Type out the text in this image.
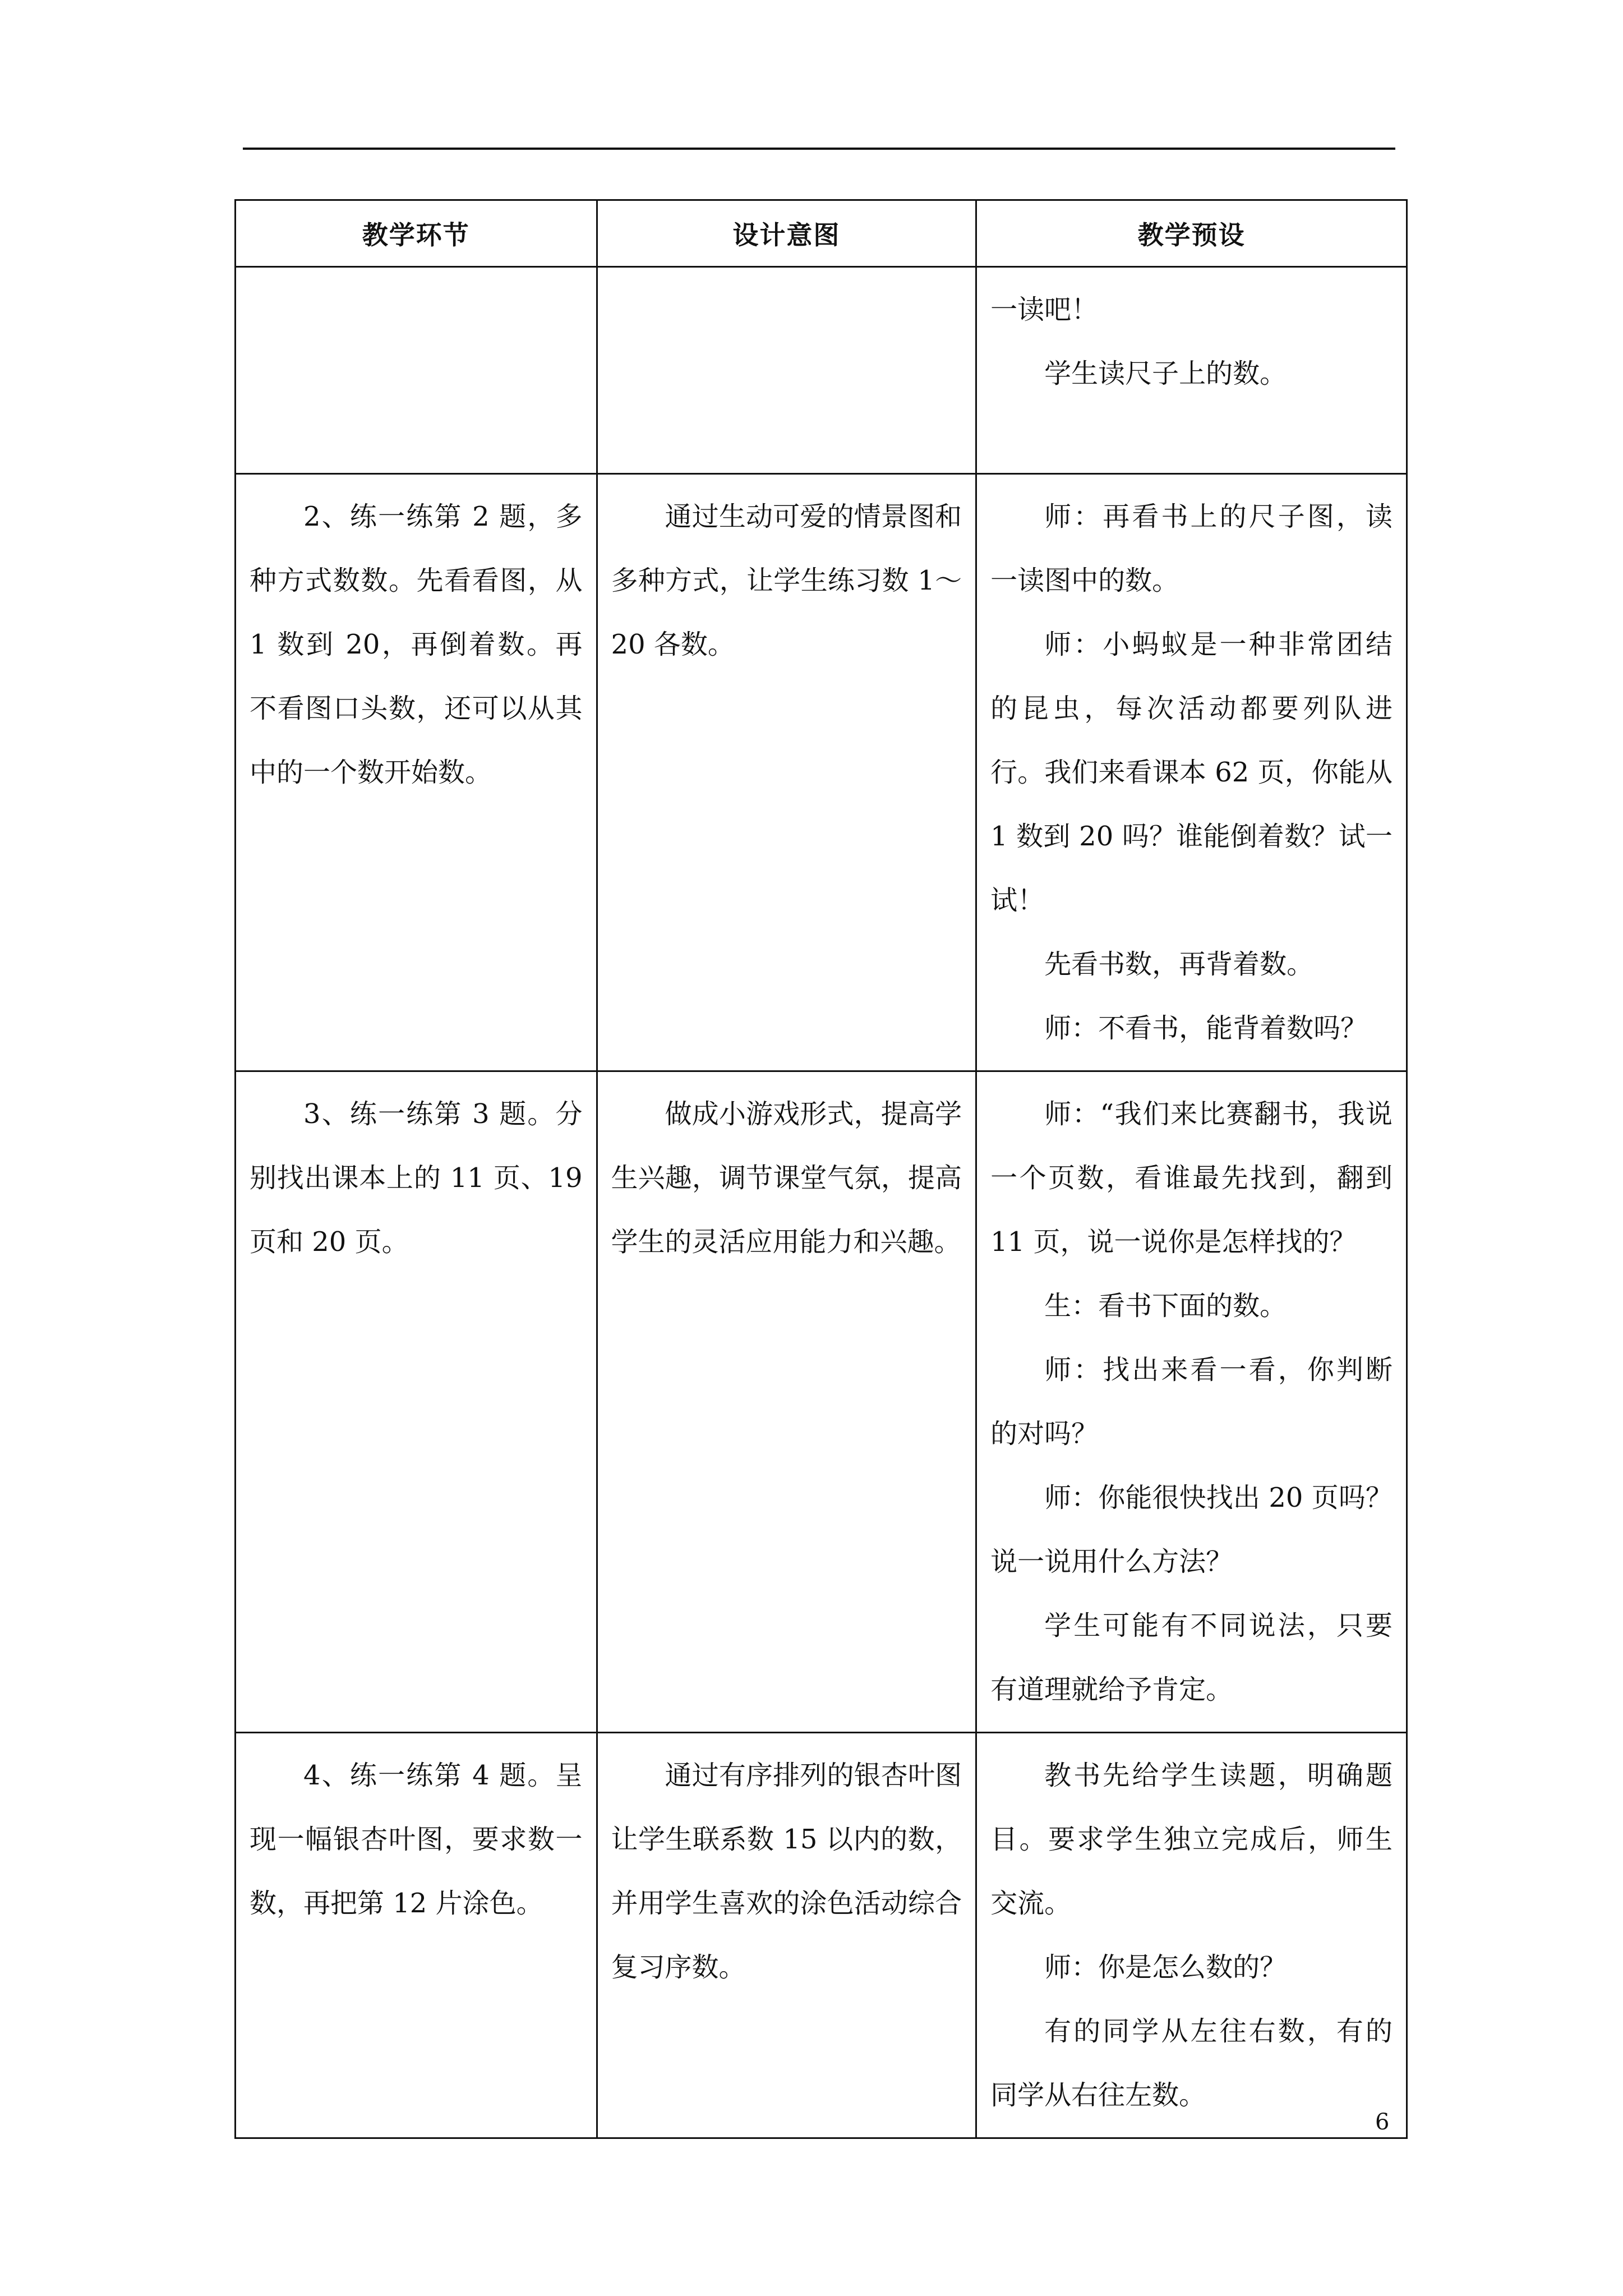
教学环节	设计意图	教学预设

		一读吧！

学生读尺子上的数。

2、练一练第 2 题，多种方式数数。先看看图，从 1 数到 20，再倒着数。再不看图口头数，还可以从其中的一个数开始数。	通过生动可爱的情景图和多种方式，让学生练习数 1～20 各数。	师：再看书上的尺子图，读一读图中的数。

师：小蚂蚁是一种非常团结的昆虫，每次活动都要列队进行。我们来看课本 62 页，你能从 1 数到 20 吗？谁能倒着数？试一试！

先看书数，再背着数。

师：不看书，能背着数吗？

3、练一练第 3 题。分别找出课本上的 11 页、19 页和 20 页。	做成小游戏形式，提高学生兴趣，调节课堂气氛，提高学生的灵活应用能力和兴趣。	师：“我们来比赛翻书，我说一个页数，看谁最先找到，翻到 11 页，说一说你是怎样找的？

生：看书下面的数。

师：找出来看一看，你判断的对吗？

师：你能很快找出 20 页吗？说一说用什么方法？

学生可能有不同说法，只要有道理就给予肯定。

4、练一练第 4 题。呈现一幅银杏叶图，要求数一数，再把第 12 片涂色。	通过有序排列的银杏叶图让学生联系数 15 以内的数，并用学生喜欢的涂色活动综合复习序数。	教书先给学生读题，明确题目。要求学生独立完成后，师生交流。

师：你是怎么数的？

有的同学从左往右数，有的同学从右往左数。

6
